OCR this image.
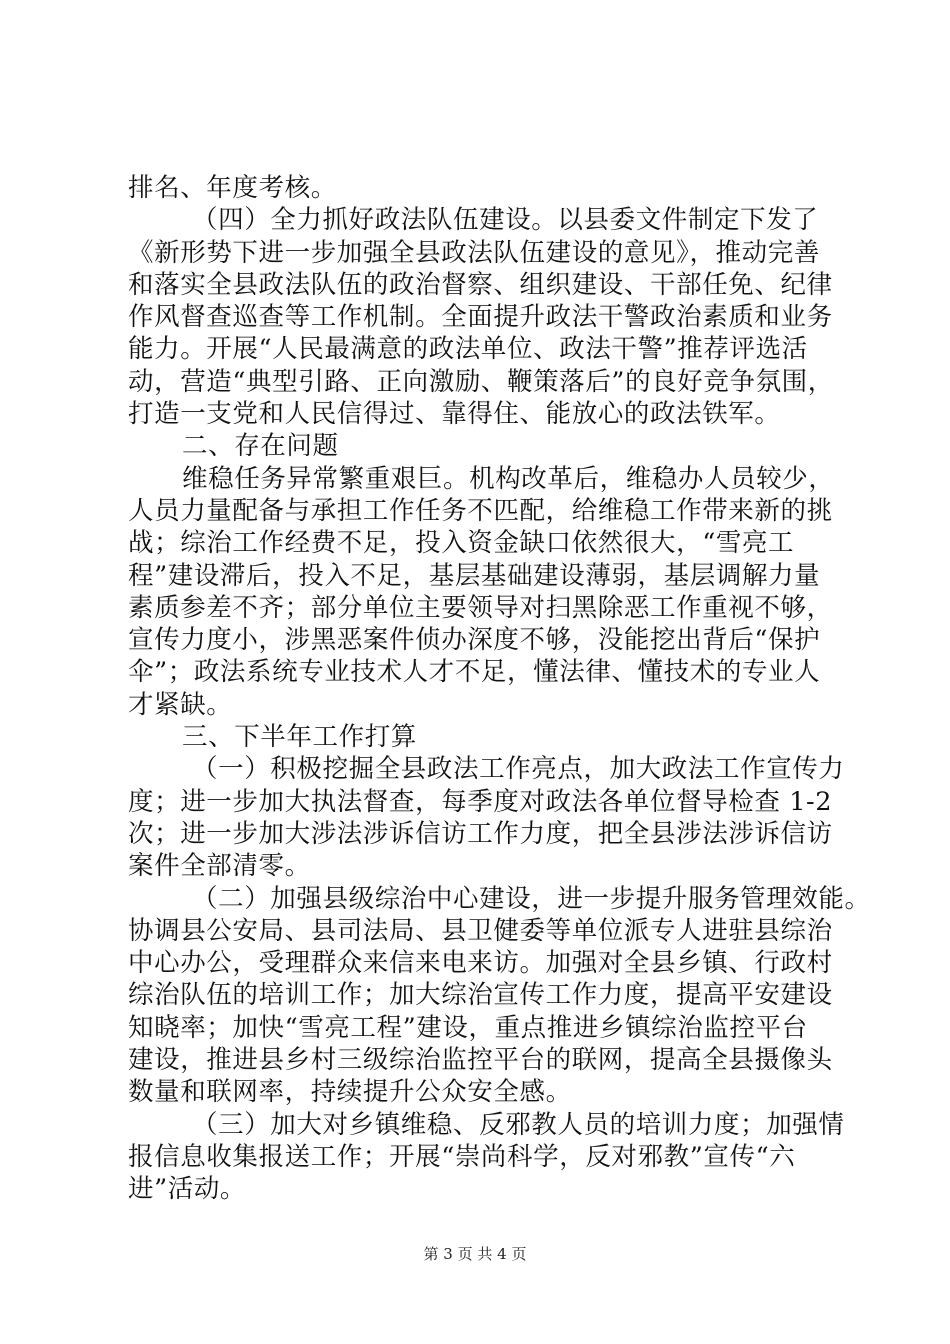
排名、年度考核。
（四）全力抓好政法队伍建设。以县委文件制定下发了
《新形势下进一步加强全县政法队伍建设的意见》，推动完善
和落实全县政法队伍的政治督察、组织建设、干部任免、纪律
作风督查巡查等工作机制。全面提升政法干警政治素质和业务
能力。开展“人民最满意的政法单位、政法干警”推荐评选活
动，营造“典型引路、正向激励、鞭策落后”的良好竞争氛围，
打造一支党和人民信得过、靠得住、能放心的政法铁军。
二、存在问题
维稳任务异常繁重艰巨。机构改革后，维稳办人员较少，
人员力量配备与承担工作任务不匹配，给维稳工作带来新的挑
战；综治工作经费不足，投入资金缺口依然很大，“雪亮工
程”建设滞后，投入不足，基层基础建设薄弱，基层调解力量
素质参差不齐；部分单位主要领导对扫黑除恶工作重视不够，
宣传力度小，涉黑恶案件侦办深度不够，没能挖出背后“保护
伞”；政法系统专业技术人才不足，懂法律、懂技术的专业人
才紧缺。
三、下半年工作打算
（一）积极挖掘全县政法工作亮点，加大政法工作宣传力
度；进一步加大执法督查，每季度对政法各单位督导检查 1-2
次；进一步加大涉法涉诉信访工作力度，把全县涉法涉诉信访
案件全部清零。
（二）加强县级综治中心建设，进一步提升服务管理效能。
协调县公安局、县司法局、县卫健委等单位派专人进驻县综治
中心办公，受理群众来信来电来访。加强对全县乡镇、行政村
综治队伍的培训工作；加大综治宣传工作力度，提高平安建设
知晓率；加快“雪亮工程”建设，重点推进乡镇综治监控平台
建设，推进县乡村三级综治监控平台的联网，提高全县摄像头
数量和联网率，持续提升公众安全感。
（三）加大对乡镇维稳、反邪教人员的培训力度；加强情
报信息收集报送工作；开展“崇尚科学，反对邪教”宣传“六
进”活动。
第 3 页 共 4 页
